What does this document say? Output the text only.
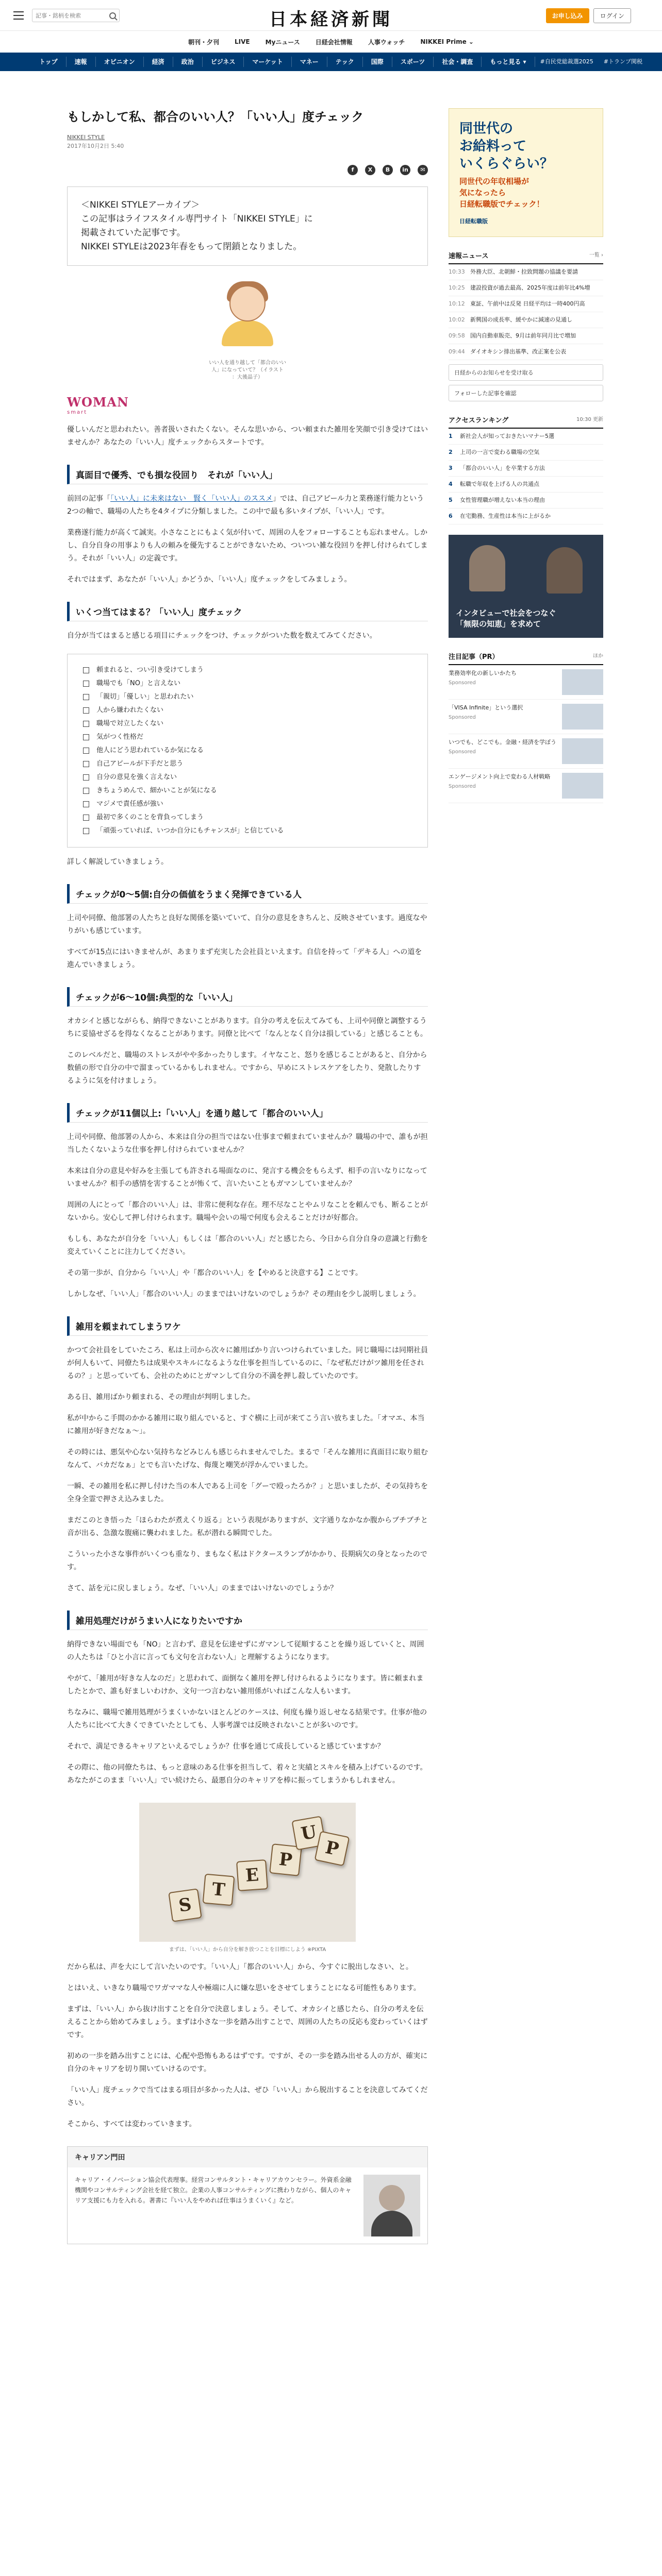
記事・銘柄を検索
日本経済新聞	お申し込み	ログイン
朝刊・夕刊	LIVE	Myニュース	日経会社情報	人事ウォッチ	NIKKEI Prime ⌄
トップ	速報	オピニオン	経済	政治	ビジネス	マーケット	マネー	テック	国際	スポーツ	社会・調査	もっと見る ▾	#自民党総裁選2025	#トランプ関税
もしかして私、都合のいい人？「いい人」度チェック
NIKKEI STYLE
2017年10月2日 5:40
f	X	B	in	✉
＜NIKKEI STYLEアーカイブ＞
この記事はライフスタイル専門サイト「NIKKEI STYLE」に
掲載されていた記事です。
NIKKEI STYLEは2023年春をもって閉鎖となりました。
いい人を通り越して「都合のいい
人」になっていて？（イラスト
：大後晶子）
WOMAN
smart

優しいんだと思われたい。善者扱いされたくない。そんな思いから、つい頼まれた雑用を笑顔で引き受けてはいませんか？あなたの「いい人」度チェックからスタートです。

真面目で優秀、でも損な役回り　それが「いい人」

前回の記事「「いい人」に未来はない　賢く「いい人」のススメ」では、自己アピール力と業務遂行能力という2つの軸で、職場の人たちを4タイプに分類しました。この中で最も多いタイプが、「いい人」です。

業務遂行能力が高くて誠実。小さなことにもよく気が付いて、周囲の人をフォローすることも忘れません。しかし、自分自身の用事よりも人の頼みを優先することができないため、ついつい雑な役回りを押し付けられてしまう。それが「いい人」の定義です。

それではまず、あなたが「いい人」かどうか、「いい人」度チェックをしてみましょう。

いくつ当てはまる？「いい人」度チェック

自分が当てはまると感じる項目にチェックをつけ、チェックがついた数を数えてみてください。

頼まれると、つい引き受けてしまう
職場でも「NO」と言えない
「親切」「優しい」と思われたい
人から嫌われたくない
職場で対立したくない
気がつく性格だ
他人にどう思われているか気になる
自己アピールが下手だと思う
自分の意見を強く言えない
きちょうめんで、細かいことが気になる
マジメで責任感が強い
最初で多くのことを背負ってしまう
「頑張っていれば、いつか自分にもチャンスが」と信じている

詳しく解説していきましょう。

チェックが0〜5個:自分の価値をうまく発揮できている人

上司や同僚、他部署の人たちと良好な関係を築いていて、自分の意見をきちんと、反映させています。過度なやりがいも感じています。

すべてが15点にはいきませんが、あまりまず充実した会社員といえます。自信を持って「デキる人」への道を進んでいきましょう。

チェックが6〜10個:典型的な「いい人」

オカシイと感じながらも、納得できないことがあります。自分の考えを伝えてみても、上司や同僚と調整するうちに妥協せざるを得なくなることがあります。同僚と比べて「なんとなく自分は損している」と感じることも。

このレベルだと、職場のストレスがやや多かったりします。イヤなこと、怒りを感じることがあると、自分から数値の形で自分の中で溜まっているかもしれません。ですから、早めにストレスケアをしたり、発散したりするように気を付けましょう。

チェックが11個以上:「いい人」を通り越して「都合のいい人」

上司や同僚、他部署の人から、本来は自分の担当ではない仕事まで頼まれていませんか？職場の中で、誰もが担当したくないような仕事を押し付けられていませんか？

本来は自分の意見や好みを主張しても許される場面なのに、発言する機会をもらえず、相手の言いなりになっていませんか？相手の感情を害することが怖くて、言いたいこともガマンしていませんか？

周囲の人にとって「都合のいい人」は、非常に便利な存在。理不尽なことやムリなことを頼んでも、断ることがないから。安心して押し付けられます。職場や会いの場で何度も会えることだけが好都合。

もしも、あなたが自分を「いい人」もしくは「都合のいい人」だと感じたら、今日から自分自身の意識と行動を変えていくことに注力してください。

その第一歩が、自分から「いい人」や「都合のいい人」を【やめると決意する】ことです。

しかしなぜ、「いい人」「都合のいい人」のままではいけないのでしょうか？その理由を少し説明しましょう。

雑用を頼まれてしまうワケ

かつて会社員をしていたころ、私は上司から次々に雑用ばかり言いつけられていました。同じ職場には同期社員が何人もいて、同僚たちは成果やスキルになるような仕事を担当しているのに、「なぜ私だけがツ雑用を任されるの？」と思っていても、会社のためにとガマンして自分の不満を押し殺していたのです。

ある日、雑用ばかり頼まれる、その理由が判明しました。

私が中からこ手間のかかる雑用に取り組んでいると、すぐ横に上司が来てこう言い放ちました。「オマエ、本当に雑用が好きだなぁ〜」。

その時には、悪気や心ない気持ちなどみじんも感じられませんでした。まるで「そんな雑用に真面目に取り組むなんて、バカだなぁ」とでも言いたげな、侮蔑と嘲笑が浮かんでいました。

一瞬、その雑用を私に押し付けた当の本人である上司を「グーで殴ったろか？」と思いましたが、その気持ちを全身全霊で押さえ込みました。

まだこのとき悟った「ほらわたが煮えくり返る」という表現がありますが、文字通りなかなか腹からブチブチと音が出る、急激な腹痛に襲われました。私が潜れる瞬間でした。

こういった小さな事件がいくつも重なり、まもなく私はドクタースランプがかかり、長期病欠の身となったのです。

さて、話を元に戻しましょう。なぜ、「いい人」のままではいけないのでしょうか？

雑用処理だけがうまい人になりたいですか

納得できない場面でも「NO」と言わず、意見を伝達せずにガマンして従順することを繰り返していくと、周囲の人たちは「ひと小言に言っても文句を言わない人」と理解するようになります。

やがて、「雑用が好きな人なのだ」と思われて、面倒なく雑用を押し付けられるようになります。皆に頼まれましたとかで、誰も好ましいわけか、文句一つ言わない雑用係がいればこんな人もいます。

ちなみに、職場で雑用処理がうまくいかないほとんどのケースは、何度も繰り返しせなる結果です。仕事が他の人たちに比べて大きくできていたとしても、人事考課では反映されないことが多いのです。

それで、満足できるキャリアといえるでしょうか？仕事を通じて成長していると感じていますか？

その際に、他の同僚たちは、もっと意味のある仕事を担当して、着々と実績とスキルを積み上げているのです。あなたがこのまま「いい人」でい続けたら、最悪自分のキャリアを棒に振ってしまうかもしれません。

S
T
E
P
U
P
まずは、「いい人」から自分を解き放つことを目標にしよう ※PIXTA

だから私は、声を大にして言いたいのです。「いい人」「都合のいい人」から、今すぐに脱出しなさい、と。

とはいえ、いきなり職場でワガママな人や極端に人に嫌な思いをさせてしまうことになる可能性もあります。

まずは、「いい人」から抜け出すことを自分で決意しましょう。そして、オカシイと感じたら、自分の考えを伝えることから始めてみましょう。まずは小さな一歩を踏み出すことで、周囲の人たちの反応も変わっていくはずです。

初めの一歩を踏み出すことには、心配や恐怖もあるはずです。ですが、その一歩を踏み出せる人の方が、確実に自分のキャリアを切り開いていけるのです。

「いい人」度チェックで当てはまる項目が多かった人は、ぜひ「いい人」から脱出することを決意してみてください。

そこから、すべては変わっていきます。

キャリアン門田
キャリア・イノベーション協会代表理事。経営コンサルタント・キャリアカウンセラー。外資系金融機関やコンサルティング会社を経て独立。企業の人事コンサルティングに携わりながら、個人のキャリア支援にも力を入れる。著書に『いい人をやめれば仕事はうまくいく』など。
同世代の
お給料って
いくらぐらい？
同世代の年収相場が
気になったら
日経転職版でチェック！
日経転職版
速報ニュース	一覧 ›
10:33 外務大臣、北朝鮮・拉致問題の協議を要請
10:25 建設投資が過去最高、2025年度は前年比4%増
10:12 東証、午前中は反発 日経平均は一時400円高
10:02 新興国の成長率、緩やかに減速の見通し
09:58 国内自動車販売、9月は前年同月比で増加
09:44 ダイオキシン排出基準、改正案を公表
日経からのお知らせを受け取る
フォローした記事を確認
アクセスランキング	10:30 更新
1	新社会人が知っておきたいマナー5選
2	上司の一言で変わる職場の空気
3	「都合のいい人」を卒業する方法
4	転職で年収を上げる人の共通点
5	女性管理職が増えない本当の理由
6	在宅勤務、生産性は本当に上がるか
インタビューで社会をつなぐ
「無限の知恵」を求めて
注目記事（PR）	ほか
業務効率化の新しいかたち
Sponsored
「VISA Infinite」という選択
Sponsored
いつでも、どこでも。金融・経済を学ぼう
Sponsored
エンゲージメント向上で変わる人材戦略
Sponsored
